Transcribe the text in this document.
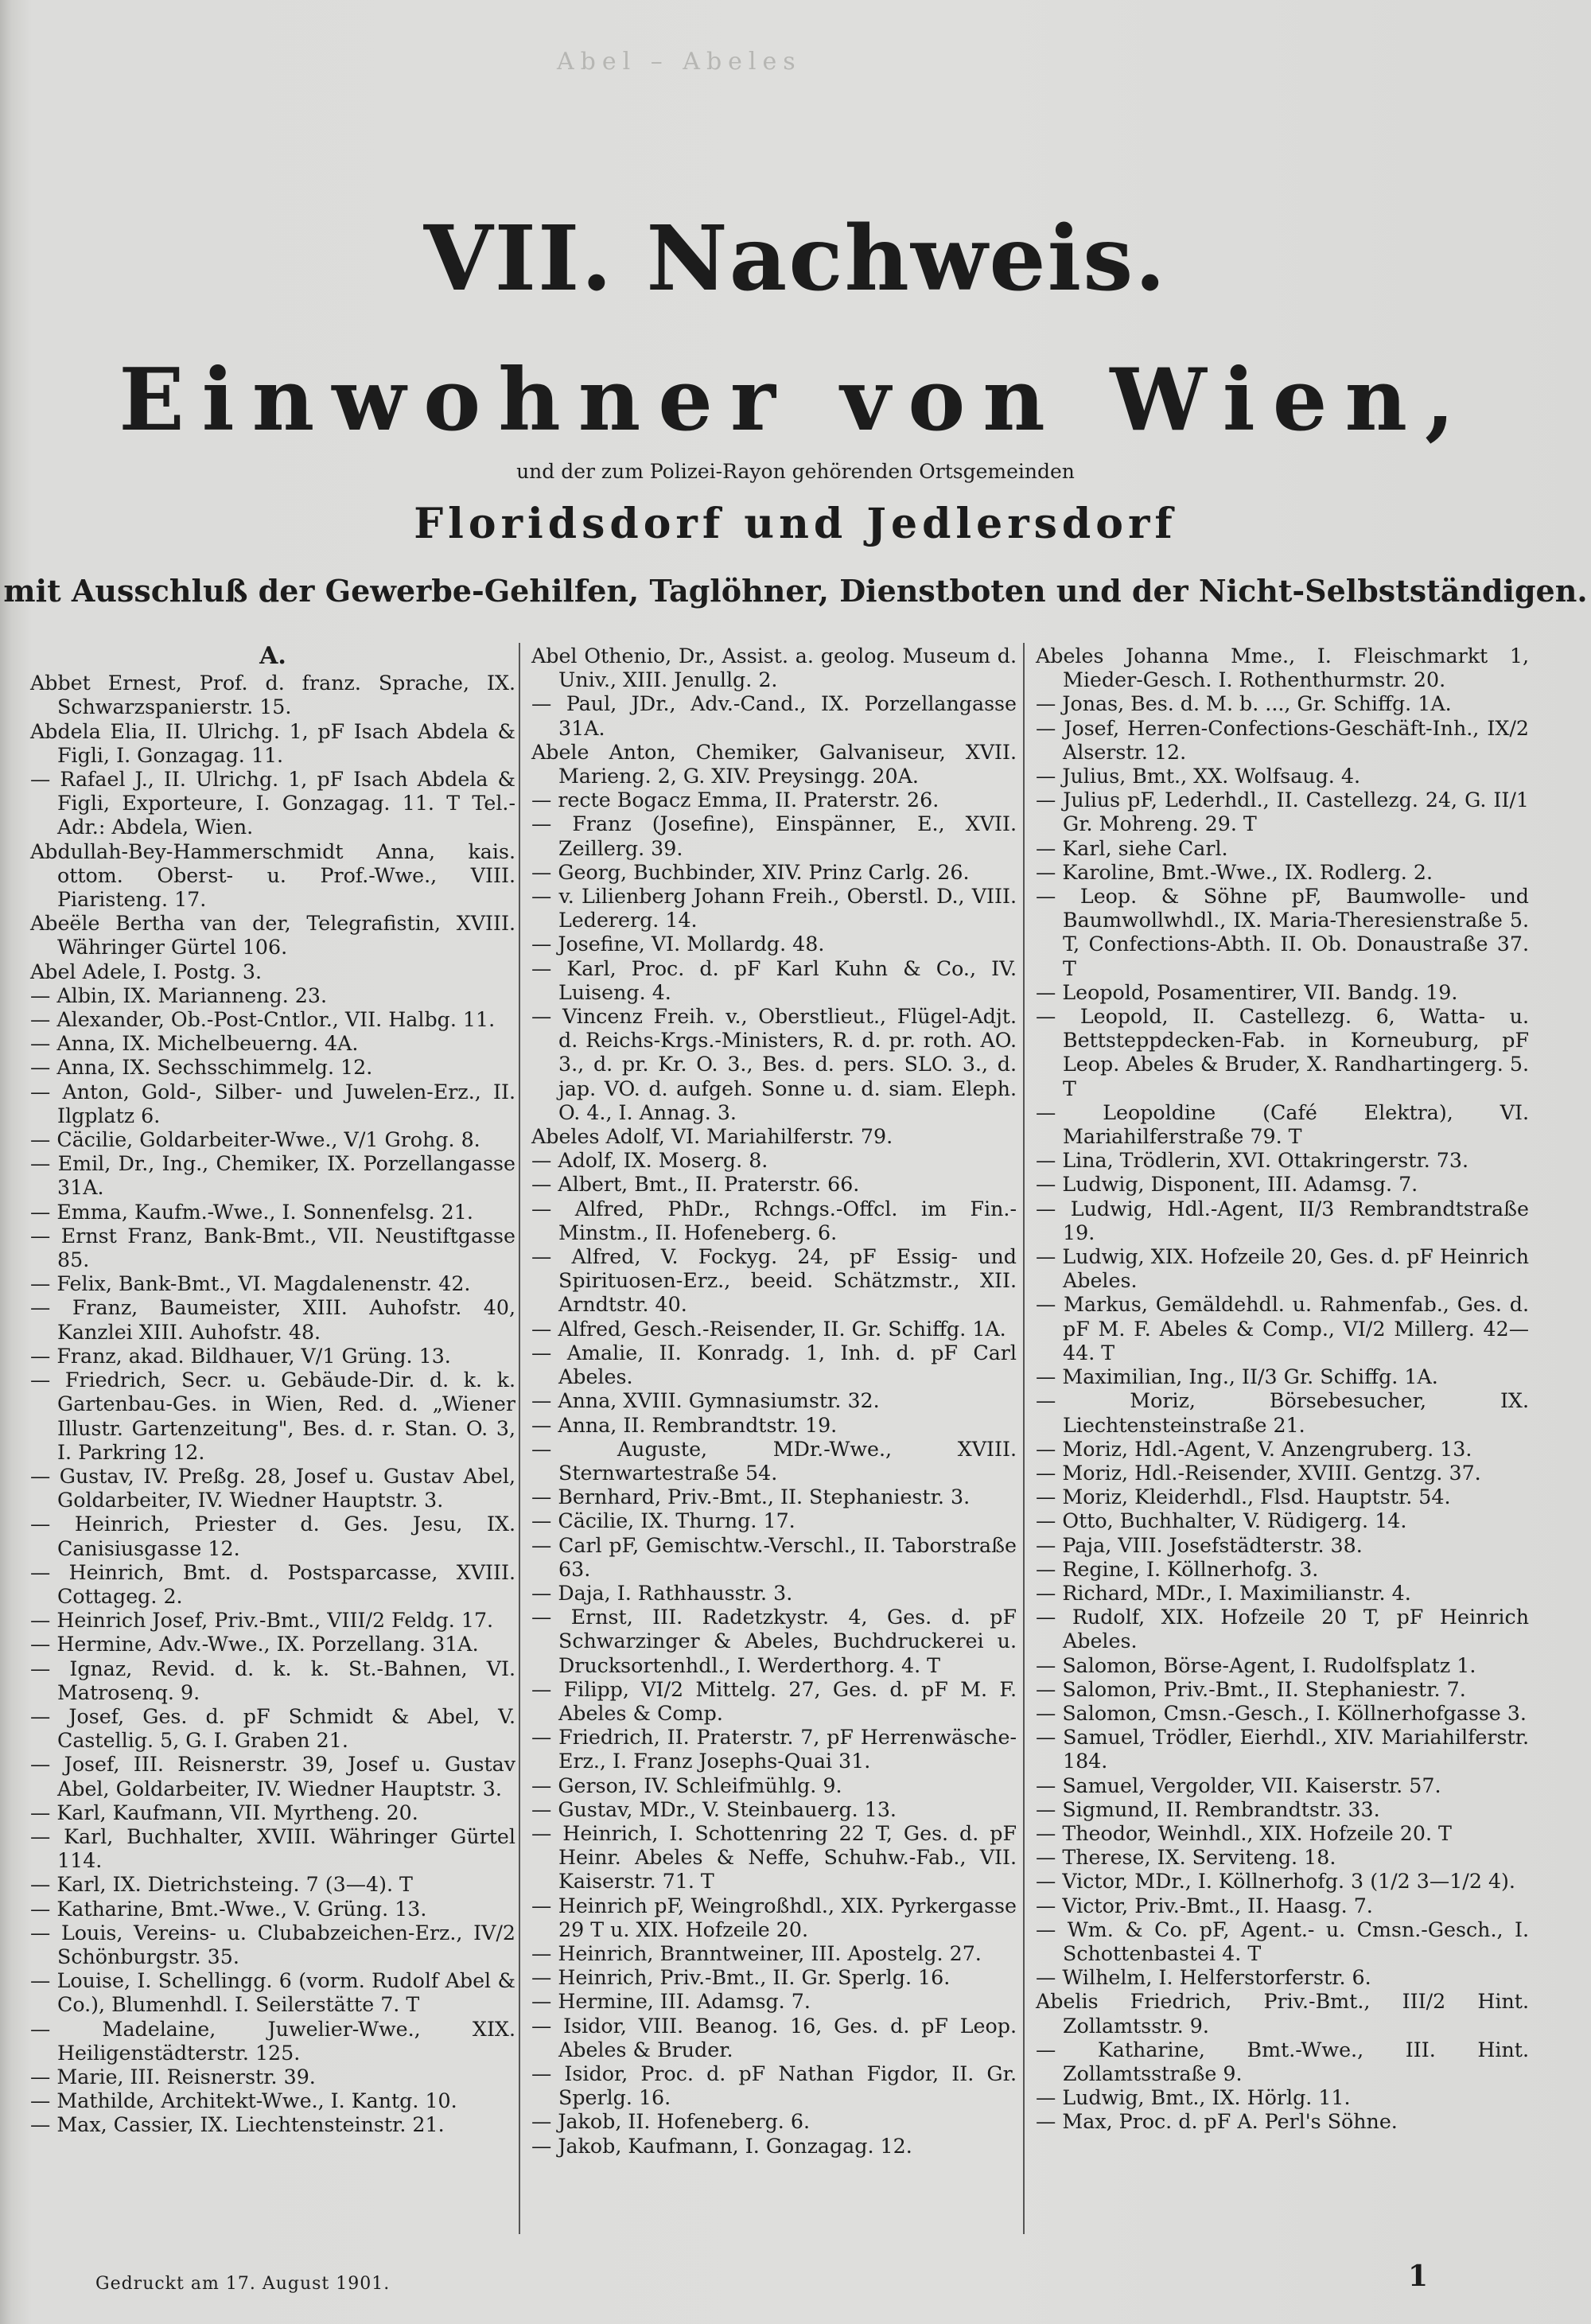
Abel – Abeles
VII. Nachweis.
Einwohner von Wien,
und der zum Polizei-Rayon gehörenden Ortsgemeinden
Floridsdorf und Jedlersdorf
mit Ausschluß der Gewerbe-Gehilfen, Taglöhner, Dienstboten und der Nicht-Selbstständigen.
A.

Abbet Ernest, Prof. d. franz. Sprache, IX. Schwarzspanierstr. 15.

Abdela Elia, II. Ulrichg. 1, pF Isach Abdela & Figli, I. Gonzagag. 11.

— Rafael J., II. Ulrichg. 1, pF Isach Abdela & Figli, Exporteure, I. Gonzagag. 11. T Tel.-Adr.: Abdela, Wien.

Abdullah-Bey-Hammerschmidt Anna, kais. ottom. Oberst- u. Prof.-Wwe., VIII. Piaristeng. 17.

Abeële Bertha van der, Telegrafistin, XVIII. Währinger Gürtel 106.

Abel Adele, I. Postg. 3.

— Albin, IX. Marianneng. 23.

— Alexander, Ob.-Post-Cntlor., VII. Halbg. 11.

— Anna, IX. Michelbeuerng. 4A.

— Anna, IX. Sechsschimmelg. 12.

— Anton, Gold-, Silber- und Juwelen-Erz., II. Ilgplatz 6.

— Cäcilie, Goldarbeiter-Wwe., V/1 Grohg. 8.

— Emil, Dr., Ing., Chemiker, IX. Porzellangasse 31A.

— Emma, Kaufm.-Wwe., I. Sonnenfelsg. 21.

— Ernst Franz, Bank-Bmt., VII. Neustiftgasse 85.

— Felix, Bank-Bmt., VI. Magdalenenstr. 42.

— Franz, Baumeister, XIII. Auhofstr. 40, Kanzlei XIII. Auhofstr. 48.

— Franz, akad. Bildhauer, V/1 Grüng. 13.

— Friedrich, Secr. u. Gebäude-Dir. d. k. k. Gartenbau-Ges. in Wien, Red. d. „Wiener Illustr. Gartenzeitung", Bes. d. r. Stan. O. 3, I. Parkring 12.

— Gustav, IV. Preßg. 28, Josef u. Gustav Abel, Goldarbeiter, IV. Wiedner Hauptstr. 3.

— Heinrich, Priester d. Ges. Jesu, IX. Canisiusgasse 12.

— Heinrich, Bmt. d. Postsparcasse, XVIII. Cottageg. 2.

— Heinrich Josef, Priv.-Bmt., VIII/2 Feldg. 17.

— Hermine, Adv.-Wwe., IX. Porzellang. 31A.

— Ignaz, Revid. d. k. k. St.-Bahnen, VI. Matrosenq. 9.

— Josef, Ges. d. pF Schmidt & Abel, V. Castellig. 5, G. I. Graben 21.

— Josef, III. Reisnerstr. 39, Josef u. Gustav Abel, Goldarbeiter, IV. Wiedner Hauptstr. 3.

— Karl, Kaufmann, VII. Myrtheng. 20.

— Karl, Buchhalter, XVIII. Währinger Gürtel 114.

— Karl, IX. Dietrichsteing. 7 (3—4). T

— Katharine, Bmt.-Wwe., V. Grüng. 13.

— Louis, Vereins- u. Clubabzeichen-Erz., IV/2 Schönburgstr. 35.

— Louise, I. Schellingg. 6 (vorm. Rudolf Abel & Co.), Blumenhdl. I. Seilerstätte 7. T

— Madelaine, Juwelier-Wwe., XIX. Heiligenstädterstr. 125.

— Marie, III. Reisnerstr. 39.

— Mathilde, Architekt-Wwe., I. Kantg. 10.

— Max, Cassier, IX. Liechtensteinstr. 21.

Abel Othenio, Dr., Assist. a. geolog. Museum d. Univ., XIII. Jenullg. 2.

— Paul, JDr., Adv.-Cand., IX. Porzellangasse 31A.

Abele Anton, Chemiker, Galvaniseur, XVII. Marieng. 2, G. XIV. Preysingg. 20A.

— recte Bogacz Emma, II. Praterstr. 26.

— Franz (Josefine), Einspänner, E., XVII. Zeillerg. 39.

— Georg, Buchbinder, XIV. Prinz Carlg. 26.

— v. Lilienberg Johann Freih., Oberstl. D., VIII. Ledererg. 14.

— Josefine, VI. Mollardg. 48.

— Karl, Proc. d. pF Karl Kuhn & Co., IV. Luiseng. 4.

— Vincenz Freih. v., Oberstlieut., Flügel-Adjt. d. Reichs-Krgs.-Ministers, R. d. pr. roth. AO. 3., d. pr. Kr. O. 3., Bes. d. pers. SLO. 3., d. jap. VO. d. aufgeh. Sonne u. d. siam. Eleph. O. 4., I. Annag. 3.

Abeles Adolf, VI. Mariahilferstr. 79.

— Adolf, IX. Moserg. 8.

— Albert, Bmt., II. Praterstr. 66.

— Alfred, PhDr., Rchngs.-Offcl. im Fin.-Minstm., II. Hofeneberg. 6.

— Alfred, V. Fockyg. 24, pF Essig- und Spirituosen-Erz., beeid. Schätzmstr., XII. Arndtstr. 40.

— Alfred, Gesch.-Reisender, II. Gr. Schiffg. 1A.

— Amalie, II. Konradg. 1, Inh. d. pF Carl Abeles.

— Anna, XVIII. Gymnasiumstr. 32.

— Anna, II. Rembrandtstr. 19.

— Auguste, MDr.-Wwe., XVIII. Sternwartestraße 54.

— Bernhard, Priv.-Bmt., II. Stephaniestr. 3.

— Cäcilie, IX. Thurng. 17.

— Carl pF, Gemischtw.-Verschl., II. Taborstraße 63.

— Daja, I. Rathhausstr. 3.

— Ernst, III. Radetzkystr. 4, Ges. d. pF Schwarzinger & Abeles, Buchdruckerei u. Drucksortenhdl., I. Werderthorg. 4. T

— Filipp, VI/2 Mittelg. 27, Ges. d. pF M. F. Abeles & Comp.

— Friedrich, II. Praterstr. 7, pF Herrenwäsche-Erz., I. Franz Josephs-Quai 31.

— Gerson, IV. Schleifmühlg. 9.

— Gustav, MDr., V. Steinbauerg. 13.

— Heinrich, I. Schottenring 22 T, Ges. d. pF Heinr. Abeles & Neffe, Schuhw.-Fab., VII. Kaiserstr. 71. T

— Heinrich pF, Weingroßhdl., XIX. Pyrkergasse 29 T u. XIX. Hofzeile 20.

— Heinrich, Branntweiner, III. Apostelg. 27.

— Heinrich, Priv.-Bmt., II. Gr. Sperlg. 16.

— Hermine, III. Adamsg. 7.

— Isidor, VIII. Beanog. 16, Ges. d. pF Leop. Abeles & Bruder.

— Isidor, Proc. d. pF Nathan Figdor, II. Gr. Sperlg. 16.

— Jakob, II. Hofeneberg. 6.

— Jakob, Kaufmann, I. Gonzagag. 12.

Abeles Johanna Mme., I. Fleischmarkt 1, Mieder-Gesch. I. Rothenthurmstr. 20.

— Jonas, Bes. d. M. b. ..., Gr. Schiffg. 1A.

— Josef, Herren-Confections-Geschäft-Inh., IX/2 Alserstr. 12.

— Julius, Bmt., XX. Wolfsaug. 4.

— Julius pF, Lederhdl., II. Castellezg. 24, G. II/1 Gr. Mohreng. 29. T

— Karl, siehe Carl.

— Karoline, Bmt.-Wwe., IX. Rodlerg. 2.

— Leop. & Söhne pF, Baumwolle- und Baumwollwhdl., IX. Maria-Theresienstraße 5. T, Confections-Abth. II. Ob. Donaustraße 37. T

— Leopold, Posamentirer, VII. Bandg. 19.

— Leopold, II. Castellezg. 6, Watta- u. Bettsteppdecken-Fab. in Korneuburg, pF Leop. Abeles & Bruder, X. Randhartingerg. 5. T

— Leopoldine (Café Elektra), VI. Mariahilferstraße 79. T

— Lina, Trödlerin, XVI. Ottakringerstr. 73.

— Ludwig, Disponent, III. Adamsg. 7.

— Ludwig, Hdl.-Agent, II/3 Rembrandtstraße 19.

— Ludwig, XIX. Hofzeile 20, Ges. d. pF Heinrich Abeles.

— Markus, Gemäldehdl. u. Rahmenfab., Ges. d. pF M. F. Abeles & Comp., VI/2 Millerg. 42—44. T

— Maximilian, Ing., II/3 Gr. Schiffg. 1A.

— Moriz, Börsebesucher, IX. Liechtensteinstraße 21.

— Moriz, Hdl.-Agent, V. Anzengruberg. 13.

— Moriz, Hdl.-Reisender, XVIII. Gentzg. 37.

— Moriz, Kleiderhdl., Flsd. Hauptstr. 54.

— Otto, Buchhalter, V. Rüdigerg. 14.

— Paja, VIII. Josefstädterstr. 38.

— Regine, I. Köllnerhofg. 3.

— Richard, MDr., I. Maximilianstr. 4.

— Rudolf, XIX. Hofzeile 20 T, pF Heinrich Abeles.

— Salomon, Börse-Agent, I. Rudolfsplatz 1.

— Salomon, Priv.-Bmt., II. Stephaniestr. 7.

— Salomon, Cmsn.-Gesch., I. Köllnerhofgasse 3.

— Samuel, Trödler, Eierhdl., XIV. Mariahilferstr. 184.

— Samuel, Vergolder, VII. Kaiserstr. 57.

— Sigmund, II. Rembrandtstr. 33.

— Theodor, Weinhdl., XIX. Hofzeile 20. T

— Therese, IX. Serviteng. 18.

— Victor, MDr., I. Köllnerhofg. 3 (1/2 3—1/2 4).

— Victor, Priv.-Bmt., II. Haasg. 7.

— Wm. & Co. pF, Agent.- u. Cmsn.-Gesch., I. Schottenbastei 4. T

— Wilhelm, I. Helferstorferstr. 6.

Abelis Friedrich, Priv.-Bmt., III/2 Hint. Zollamtsstr. 9.

— Katharine, Bmt.-Wwe., III. Hint. Zollamtsstraße 9.

— Ludwig, Bmt., IX. Hörlg. 11.

— Max, Proc. d. pF A. Perl's Söhne.

Gedruckt am 17. August 1901.	1
